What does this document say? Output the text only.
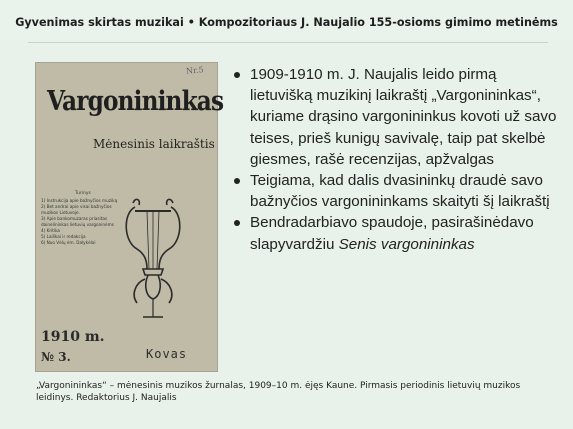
Gyvenimas skirtas muzikai • Kompozitoriaus J. Naujalio 155-osioms gimimo metinėms
Nr.5
Vargonininkas
Mėnesinis laikraštis
Turinys
1) Instrukcija apie bažnyčios muziką
2) Bet andrai apie visai bažnyčios muzikos Lietuvoje.
3) Apie bankomuzaras priasitas dainelininkas lietuvių vargoninėms
4) Kritika
5) Laiškai ir redakcija
6) Nuo Vėlų ėm. Dalykėlai
1910 m.
№ 3.	Kovas
1909-1910 m. J. Naujalis leido pirmą lietuvišką muzikinį laikraštį „Vargonininkas“, kuriame drąsino vargonininkus kovoti už savo teises, prieš kunigų savivalę, taip pat skelbė giesmes, rašė recenzijas, apžvalgas
Teigiama, kad dalis dvasininkų draudė savo bažnyčios vargonininkams skaityti šį laikraštį
Bendradarbiavo spaudoje, pasirašinėdavo slapyvardžiu Senis vargonininkas
„Vargonininkas“ – mėnesinis muzikos žurnalas, 1909–10 m. ėjęs Kaune. Pirmasis periodinis lietuvių muzikos leidinys. Redaktorius J. Naujalis
